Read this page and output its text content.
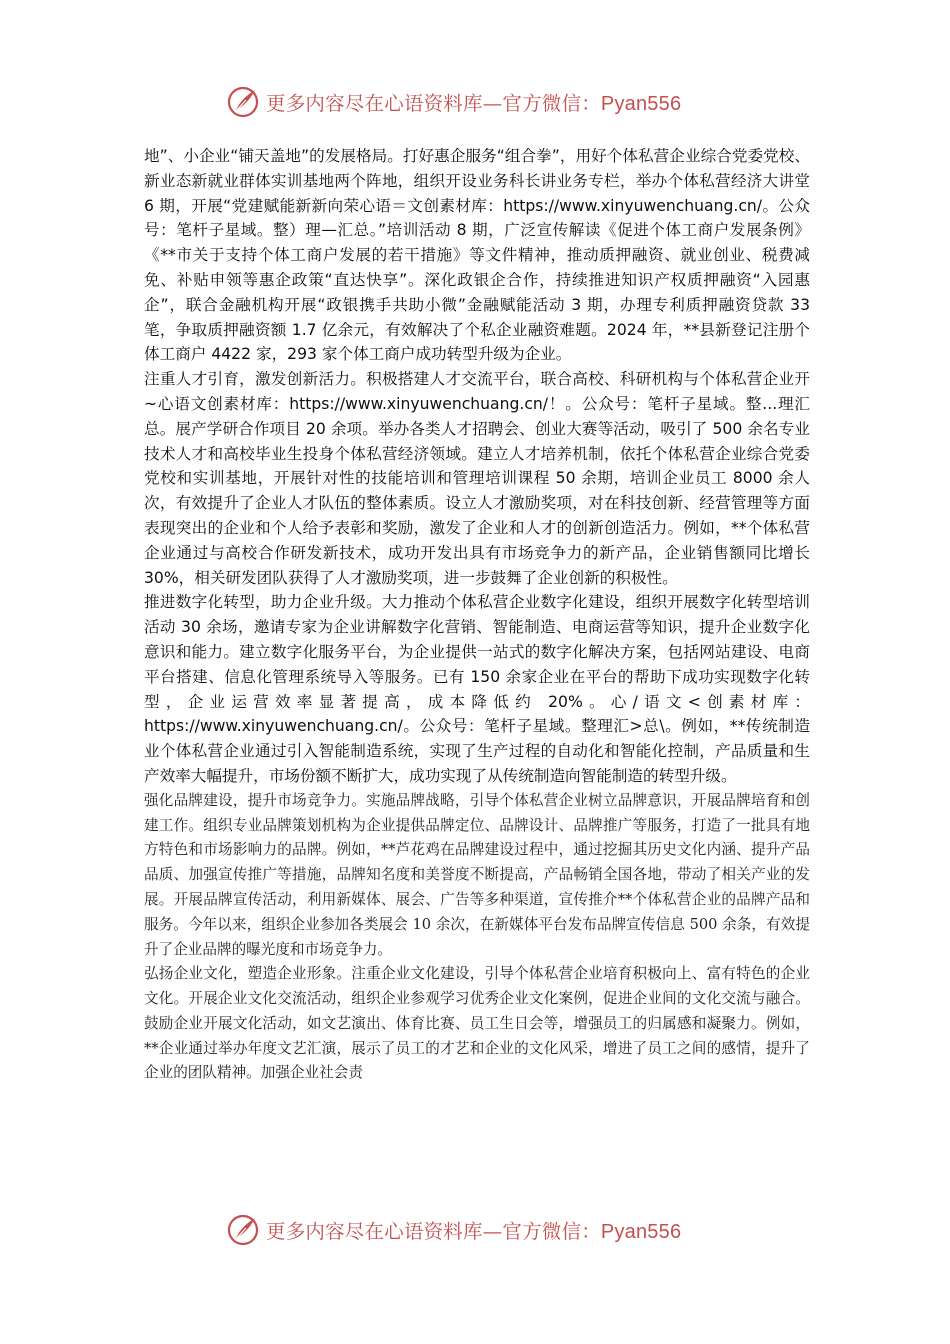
更多内容尽在心语资料库—官方微信：Pyan556

地”、小企业“铺天盖地”的发展格局。打好惠企服务“组合拳”，用好个体私营企业综合党委党校、新业态新就业群体实训基地两个阵地，组织开设业务科长讲业务专栏，举办个体私营经济大讲堂 6 期，开展“党建赋能新新向荣心语＝文创素材库：https://www.xinyuwenchuang.cn/。公众号：笔杆子星域。整）理—汇总。”培训活动 8 期，广泛宣传解读《促进个体工商户发展条例》《**市关于支持个体工商户发展的若干措施》等文件精神，推动质押融资、就业创业、税费减免、补贴申领等惠企政策“直达快享”。深化政银企合作，持续推进知识产权质押融资“入园惠企”，联合金融机构开展“政银携手共助小微”金融赋能活动 3 期，办理专利质押融资贷款 33 笔，争取质押融资额 1.7 亿余元，有效解决了个私企业融资难题。2024 年，**县新登记注册个体工商户 4422 家，293 家个体工商户成功转型升级为企业。

注重人才引育，激发创新活力。积极搭建人才交流平台，联合高校、科研机构与个体私营企业开~心语文创素材库：https://www.xinyuwenchuang.cn/！。公众号：笔杆子星域。整...理汇总。展产学研合作项目 20 余项。举办各类人才招聘会、创业大赛等活动，吸引了 500 余名专业技术人才和高校毕业生投身个体私营经济领域。建立人才培养机制，依托个体私营企业综合党委党校和实训基地，开展针对性的技能培训和管理培训课程 50 余期，培训企业员工 8000 余人次，有效提升了企业人才队伍的整体素质。设立人才激励奖项，对在科技创新、经营管理等方面表现突出的企业和个人给予表彰和奖励，激发了企业和人才的创新创造活力。例如，**个体私营企业通过与高校合作研发新技术，成功开发出具有市场竞争力的新产品，企业销售额同比增长 30%，相关研发团队获得了人才激励奖项，进一步鼓舞了企业创新的积极性。

推进数字化转型，助力企业升级。大力推动个体私营企业数字化建设，组织开展数字化转型培训活动 30 余场，邀请专家为企业讲解数字化营销、智能制造、电商运营等知识，提升企业数字化意识和能力。建立数字化服务平台，为企业提供一站式的数字化解决方案，包括网站建设、电商平台搭建、信息化管理系统导入等服务。已有 150 余家企业在平台的帮助下成功实现数字化转型，企业运营效率显著提高，成本降低约 20%。心/语文<创素材库：https://www.xinyuwenchuang.cn/。公众号：笔杆子星域。整理汇>总\。例如，**传统制造业个体私营企业通过引入智能制造系统，实现了生产过程的自动化和智能化控制，产品质量和生产效率大幅提升，市场份额不断扩大，成功实现了从传统制造向智能制造的转型升级。

强化品牌建设，提升市场竞争力。实施品牌战略，引导个体私营企业树立品牌意识，开展品牌培育和创建工作。组织专业品牌策划机构为企业提供品牌定位、品牌设计、品牌推广等服务，打造了一批具有地方特色和市场影响力的品牌。例如，**芦花鸡在品牌建设过程中，通过挖掘其历史文化内涵、提升产品品质、加强宣传推广等措施，品牌知名度和美誉度不断提高，产品畅销全国各地，带动了相关产业的发展。开展品牌宣传活动，利用新媒体、展会、广告等多种渠道，宣传推介**个体私营企业的品牌产品和服务。今年以来，组织企业参加各类展会 10 余次，在新媒体平台发布品牌宣传信息 500 余条，有效提升了企业品牌的曝光度和市场竞争力。

弘扬企业文化，塑造企业形象。注重企业文化建设，引导个体私营企业培育积极向上、富有特色的企业文化。开展企业文化交流活动，组织企业参观学习优秀企业文化案例，促进企业间的文化交流与融合。鼓励企业开展文化活动，如文艺演出、体育比赛、员工生日会等，增强员工的归属感和凝聚力。例如，**企业通过举办年度文艺汇演，展示了员工的才艺和企业的文化风采，增进了员工之间的感情，提升了企业的团队精神。加强企业社会责

更多内容尽在心语资料库—官方微信：Pyan556
